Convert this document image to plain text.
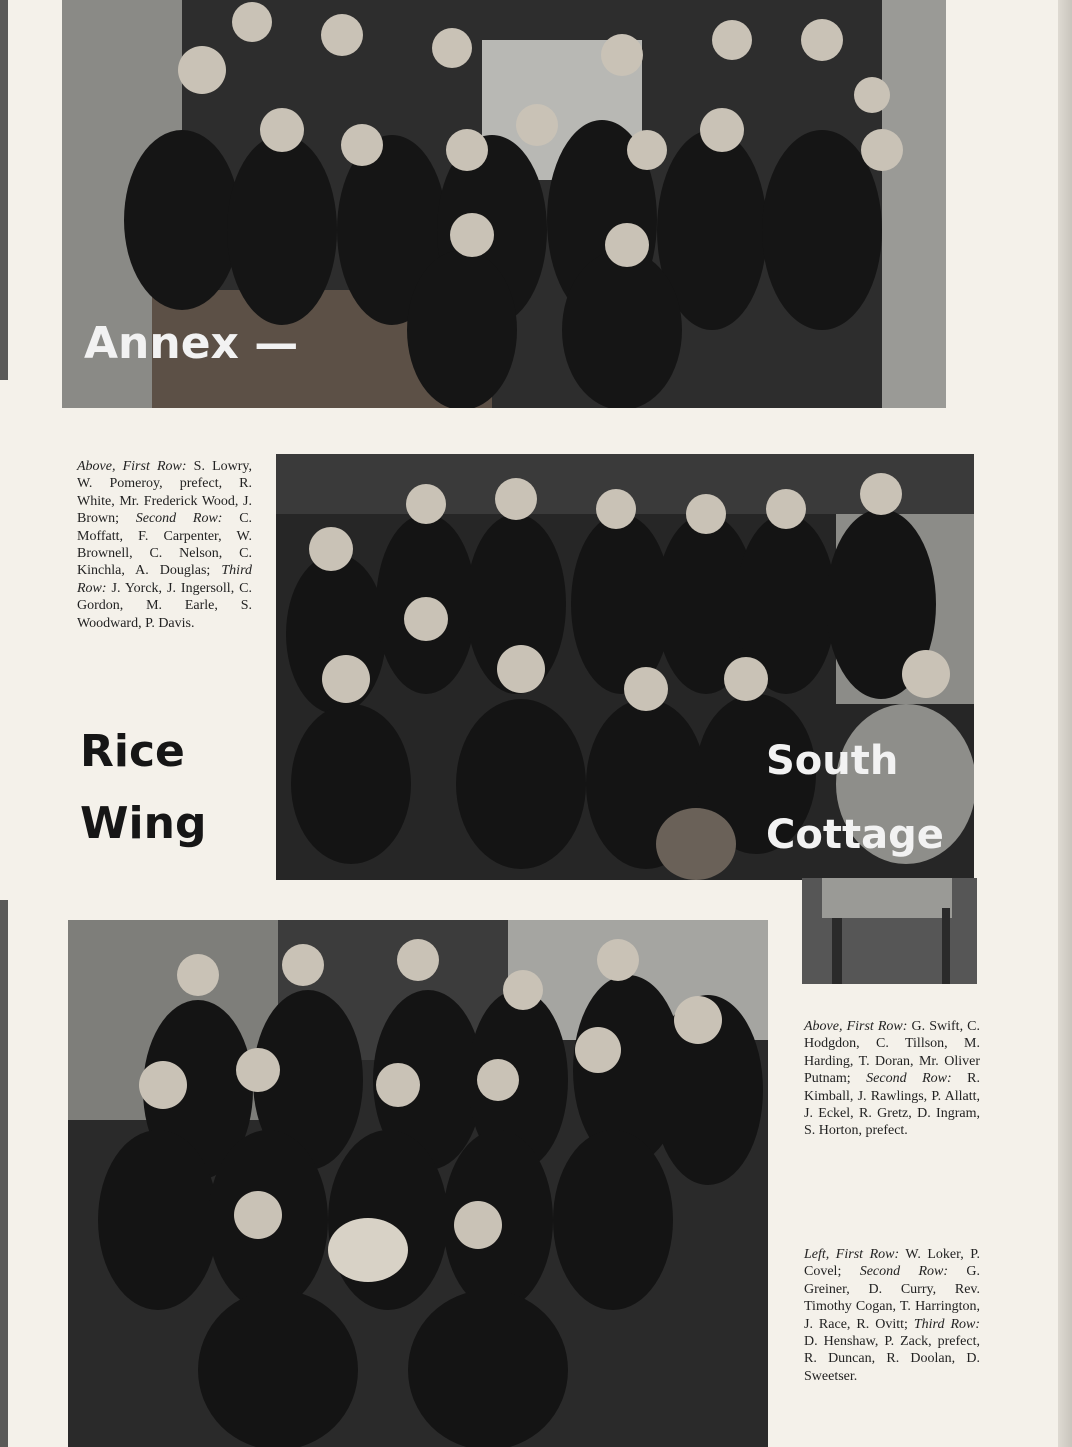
Annex —

Above, First Row: S. Lowry, W. Pomeroy, prefect, R. White, Mr. Frederick Wood, J. Brown; Second Row: C. Moffatt, F. Carpenter, W. Brownell, C. Nelson, C. Kinchla, A. Douglas; Third Row: J. Yorck, J. Ingersoll, C. Gordon, M. Earle, S. Woodward, P. Davis.

South
Cottage
Rice
Wing

Above, First Row: G. Swift, C. Hodgdon, C. Tillson, M. Harding, T. Doran, Mr. Oliver Putnam; Second Row: R. Kimball, J. Rawlings, P. Allatt, J. Eckel, R. Gretz, D. Ingram, S. Horton, prefect.

Left, First Row: W. Loker, P. Covel; Second Row: G. Greiner, D. Curry, Rev. Timothy Cogan, T. Harrington, J. Race, R. Ovitt; Third Row: D. Henshaw, P. Zack, prefect, R. Duncan, R. Doolan, D. Sweetser.
